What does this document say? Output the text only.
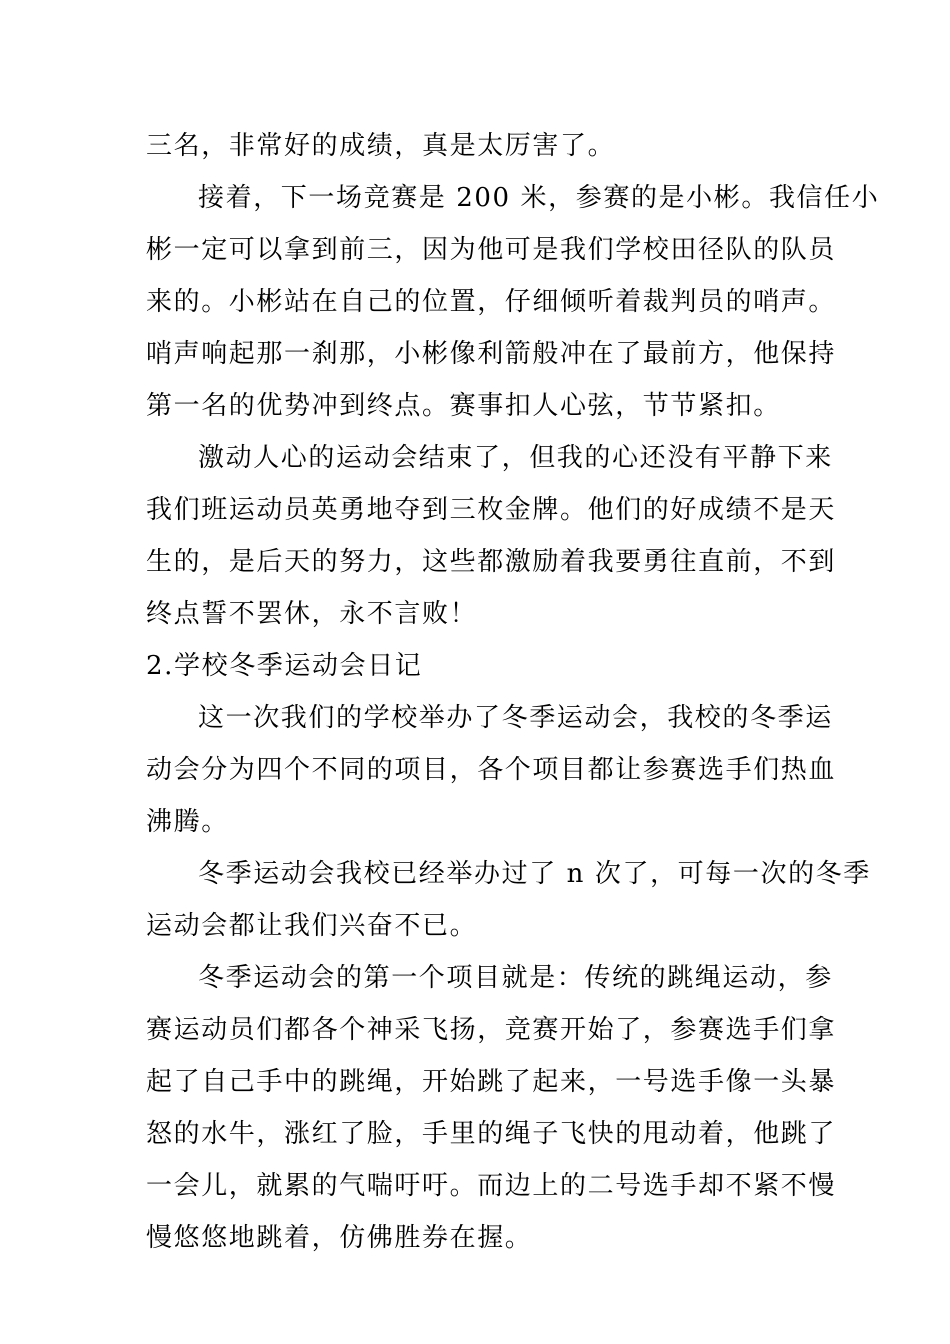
三名，非常好的成绩，真是太厉害了。
接着，下一场竞赛是 200 米，参赛的是小彬。我信任小
彬一定可以拿到前三，因为他可是我们学校田径队的队员
来的。小彬站在自己的位置，仔细倾听着裁判员的哨声。
哨声响起那一刹那，小彬像利箭般冲在了最前方，他保持
第一名的优势冲到终点。赛事扣人心弦，节节紧扣。
激动人心的运动会结束了，但我的心还没有平静下来
我们班运动员英勇地夺到三枚金牌。他们的好成绩不是天
生的，是后天的努力，这些都激励着我要勇往直前，不到
终点誓不罢休，永不言败！
2.学校冬季运动会日记
这一次我们的学校举办了冬季运动会，我校的冬季运
动会分为四个不同的项目，各个项目都让参赛选手们热血
沸腾。
冬季运动会我校已经举办过了 n 次了，可每一次的冬季
运动会都让我们兴奋不已。
冬季运动会的第一个项目就是：传统的跳绳运动，参
赛运动员们都各个神采飞扬，竞赛开始了，参赛选手们拿
起了自己手中的跳绳，开始跳了起来，一号选手像一头暴
怒的水牛，涨红了脸，手里的绳子飞快的甩动着，他跳了
一会儿，就累的气喘吁吁。而边上的二号选手却不紧不慢
慢悠悠地跳着，仿佛胜券在握。
